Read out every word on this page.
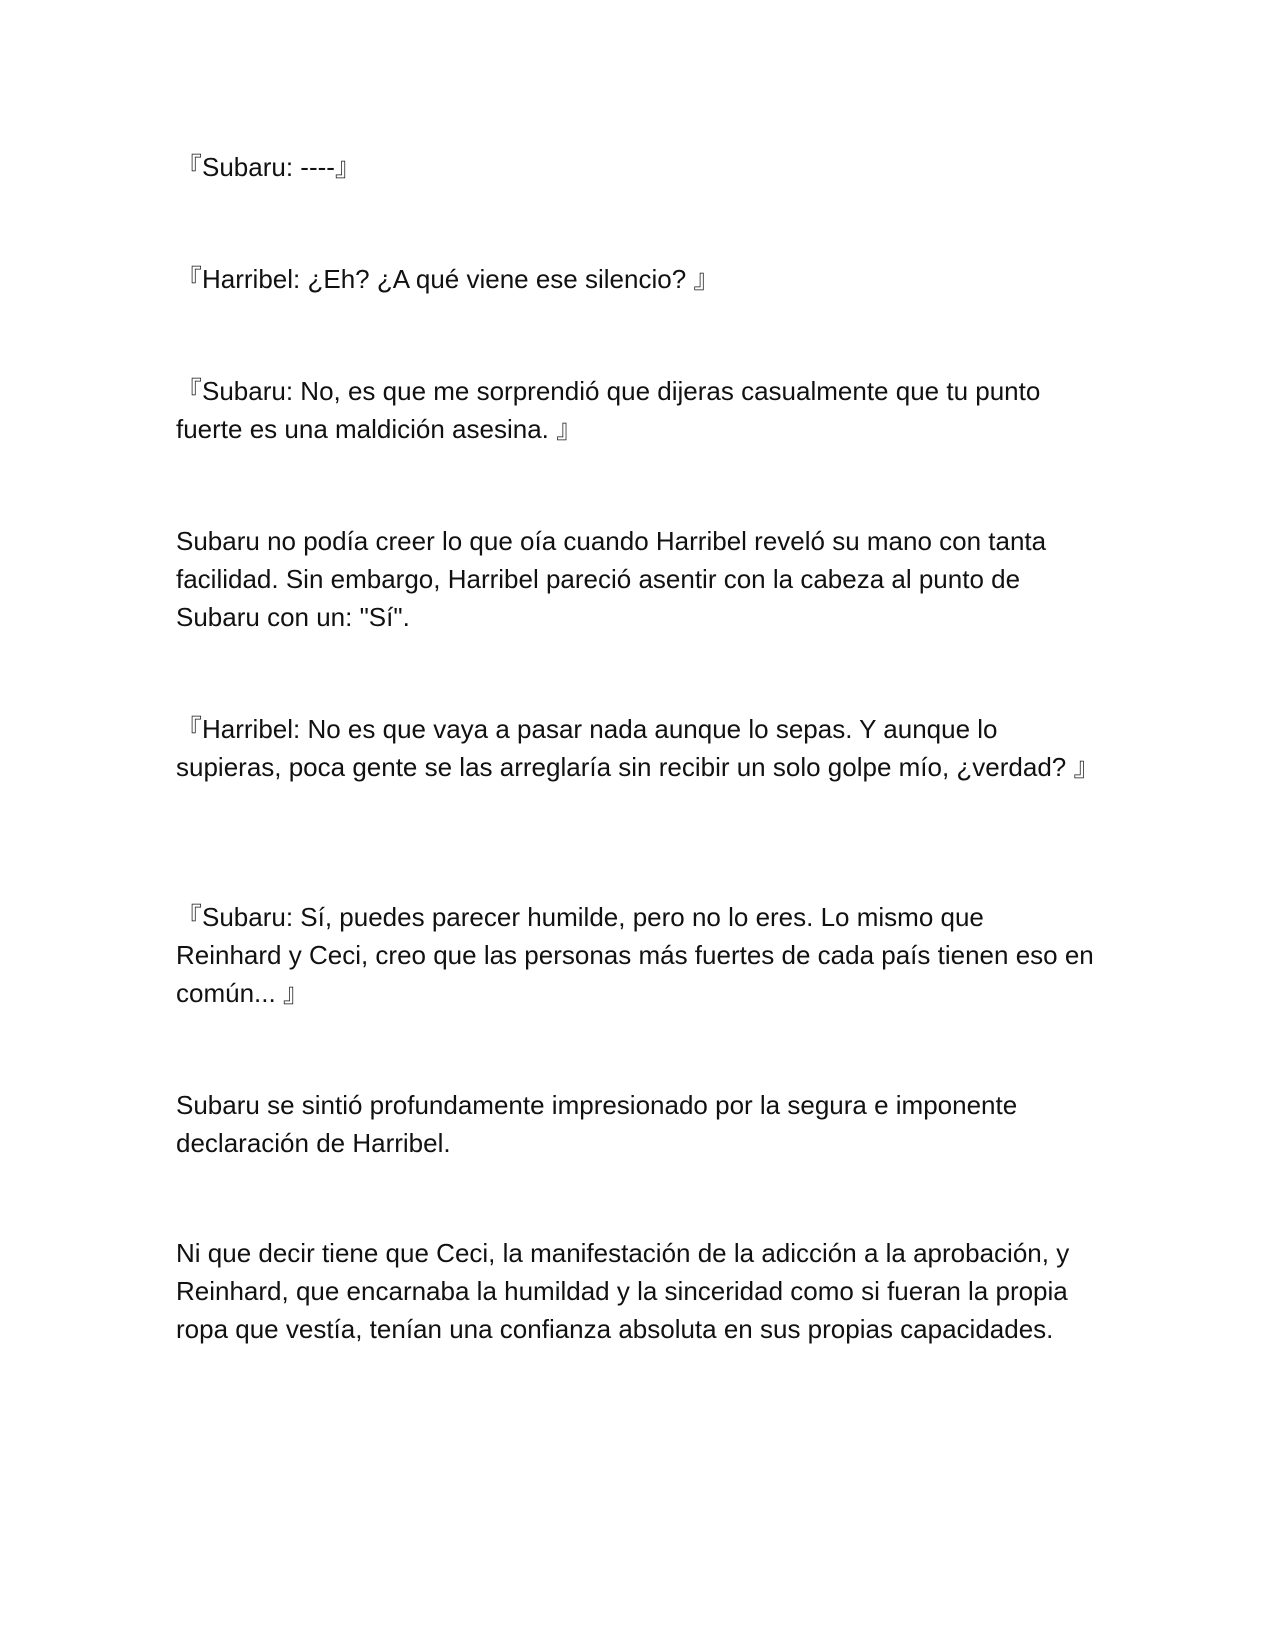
『Subaru: ----』

『Harribel: ¿Eh? ¿A qué viene ese silencio? 』

『Subaru: No, es que me sorprendió que dijeras casualmente que tu punto fuerte es una maldición asesina. 』

Subaru no podía creer lo que oía cuando Harribel reveló su mano con tanta facilidad. Sin embargo, Harribel pareció asentir con la cabeza al punto de Subaru con un: "Sí".

『Harribel: No es que vaya a pasar nada aunque lo sepas. Y aunque lo supieras, poca gente se las arreglaría sin recibir un solo golpe mío, ¿verdad? 』

『Subaru: Sí, puedes parecer humilde, pero no lo eres. Lo mismo que Reinhard y Ceci, creo que las personas más fuertes de cada país tienen eso en común... 』

Subaru se sintió profundamente impresionado por la segura e imponente declaración de Harribel.

Ni que decir tiene que Ceci, la manifestación de la adicción a la aprobación, y Reinhard, que encarnaba la humildad y la sinceridad como si fueran la propia ropa que vestía, tenían una confianza absoluta en sus propias capacidades.
